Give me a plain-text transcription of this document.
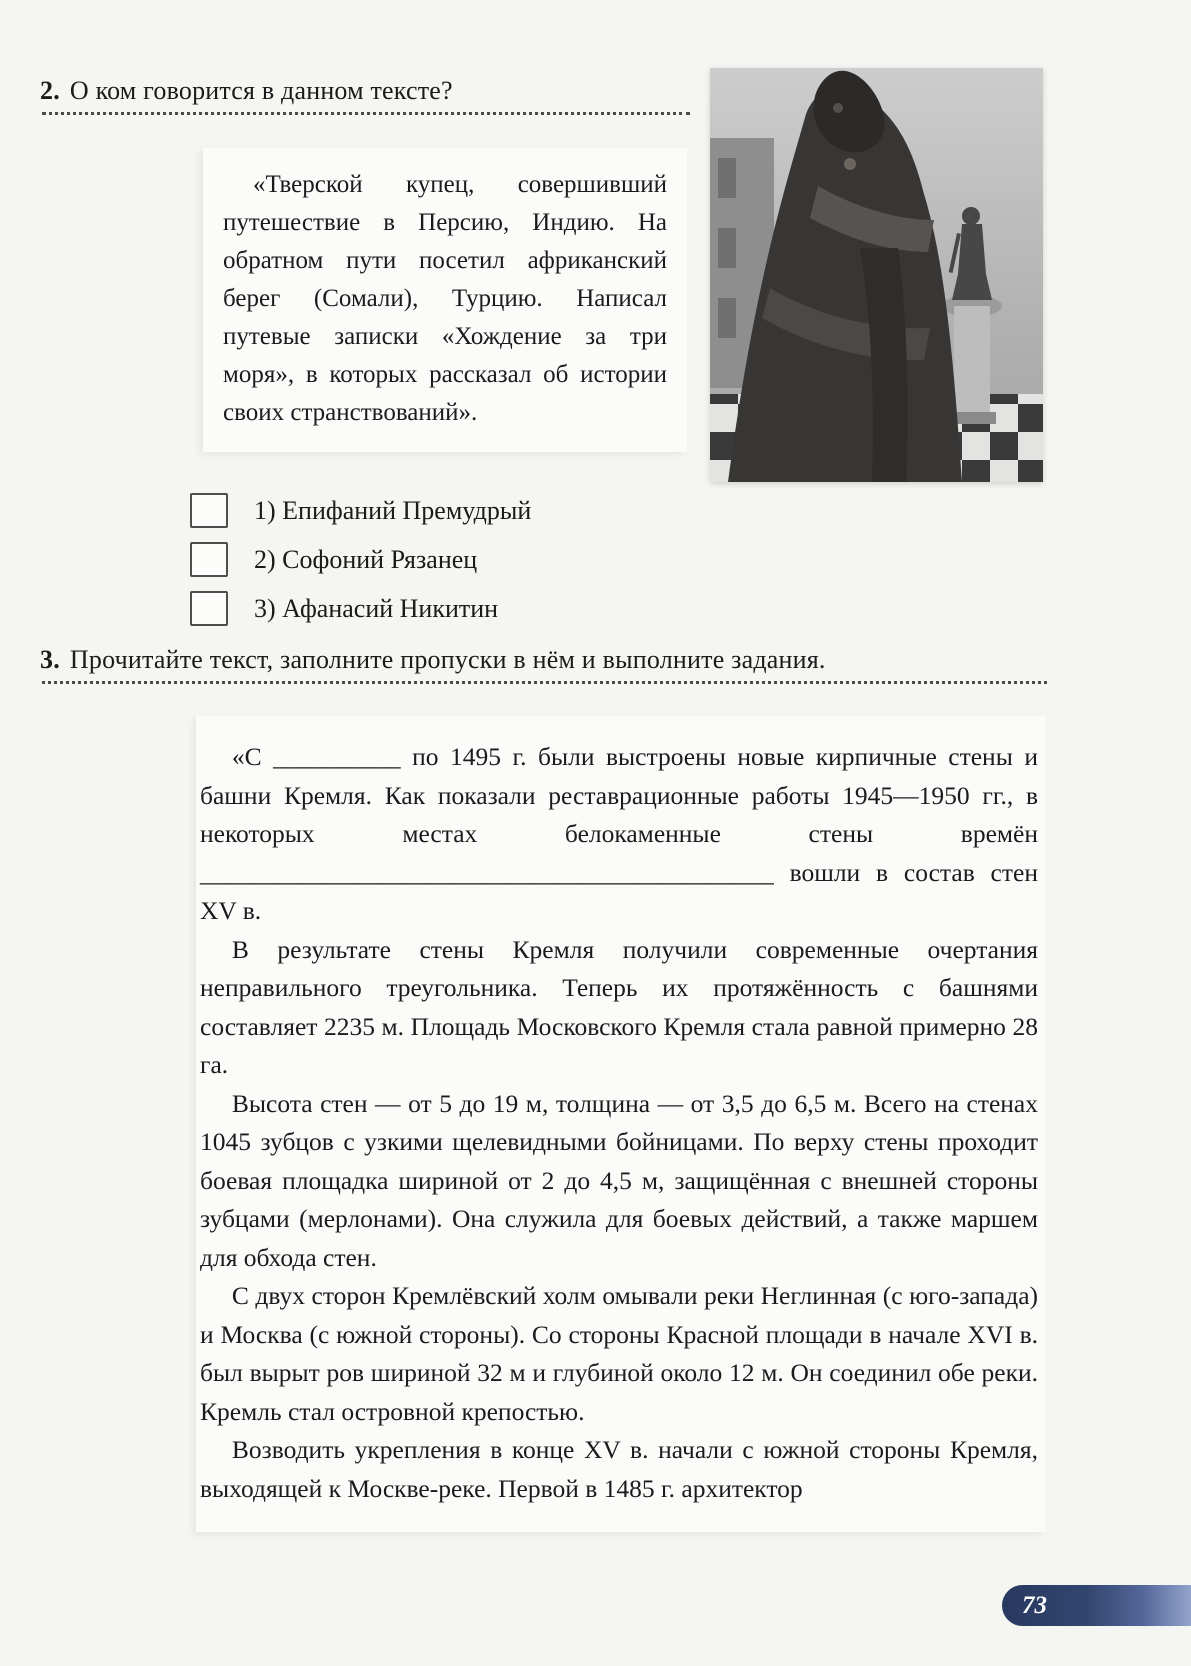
2. О ком говорится в данном тексте?

«Тверской купец, совершивший путешествие в Персию, Индию. На обратном пути посетил африканский берег (Сомали), Турцию. Написал путевые записки «Хождение за три моря», в которых рассказал об истории своих странствований».

1) Епифаний Премудрый
2) Софоний Рязанец
3) Афанасий Никитин
3. Прочитайте текст, заполните пропуски в нём и выполните задания.

«С __________ по 1495 г. были выстроены новые кирпичные стены и башни Кремля. Как показали реставрационные работы 1945—1950 гг., в некоторых местах белокаменные стены времён _____________________________________________ вошли в состав стен XV в.

В результате стены Кремля получили современные очертания неправильного треугольника. Теперь их протяжённость с башнями составляет 2235 м. Площадь Московского Кремля стала равной примерно 28 га.

Высота стен — от 5 до 19 м, толщина — от 3,5 до 6,5 м. Всего на стенах 1045 зубцов с узкими щелевидными бойницами. По верху стены проходит боевая площадка шириной от 2 до 4,5 м, защищённая с внешней стороны зубцами (мерлонами). Она служила для боевых действий, а также маршем для обхода стен.

С двух сторон Кремлёвский холм омывали реки Неглинная (с юго-запада) и Москва (с южной стороны). Со стороны Красной площади в начале XVI в. был вырыт ров шириной 32 м и глубиной около 12 м. Он соединил обе реки. Кремль стал островной крепостью.

Возводить укрепления в конце XV в. начали с южной стороны Кремля, выходящей к Москве-реке. Первой в 1485 г. архитектор

73
